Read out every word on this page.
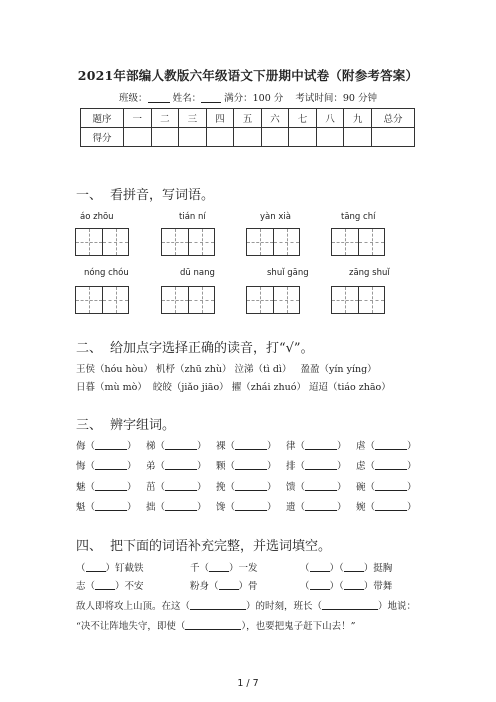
2021年部编人教版六年级语文下册期中试卷（附参考答案）
班级：	姓名： 满分：100 分 考试时间：90 分钟
题序	一	二	三	四	五	六	七	八	九	总分
得分										
一、 看拼音，写词语。
áo zhōu	tián ní	yàn xià	tāng chí
nóng chóu	dū nang	shuǐ gāng	zāng shuǐ
二、 给加点字选择正确的读音，打“√”。
王侯（hóu hòu） 机杼（zhū zhù） 泣涕（tì dì）   盈盈（yín yíng）
日暮（mù mò）  皎皎（jiǎo jiāo） 擢（zhái zhuó） 迢迢（tiáo zhāo）
三、 辨字组词。
侮（	） 梯（	） 裸（	） 律（	） 虐（	）
悔（	） 弟（	） 颗（	） 排（	） 虑（	）
魅（	） 茁（	） 挽（	） 馈（	） 碗（	）
魁（	） 拙（	） 馋（	） 遗（	） 婉（	）
四、 把下面的词语补充完整，并选词填空。
（ ）钉截铁	千（ ）一发	（ ）（ ）挺胸
志（ ）不安	粉身（ ）骨	（ ）（ ）带舞
敌人即将攻上山顶。在这（	）的时刻，班长（	）地说：
“决不让阵地失守，即使（	），也要把鬼子赶下山去！”
1 / 7
